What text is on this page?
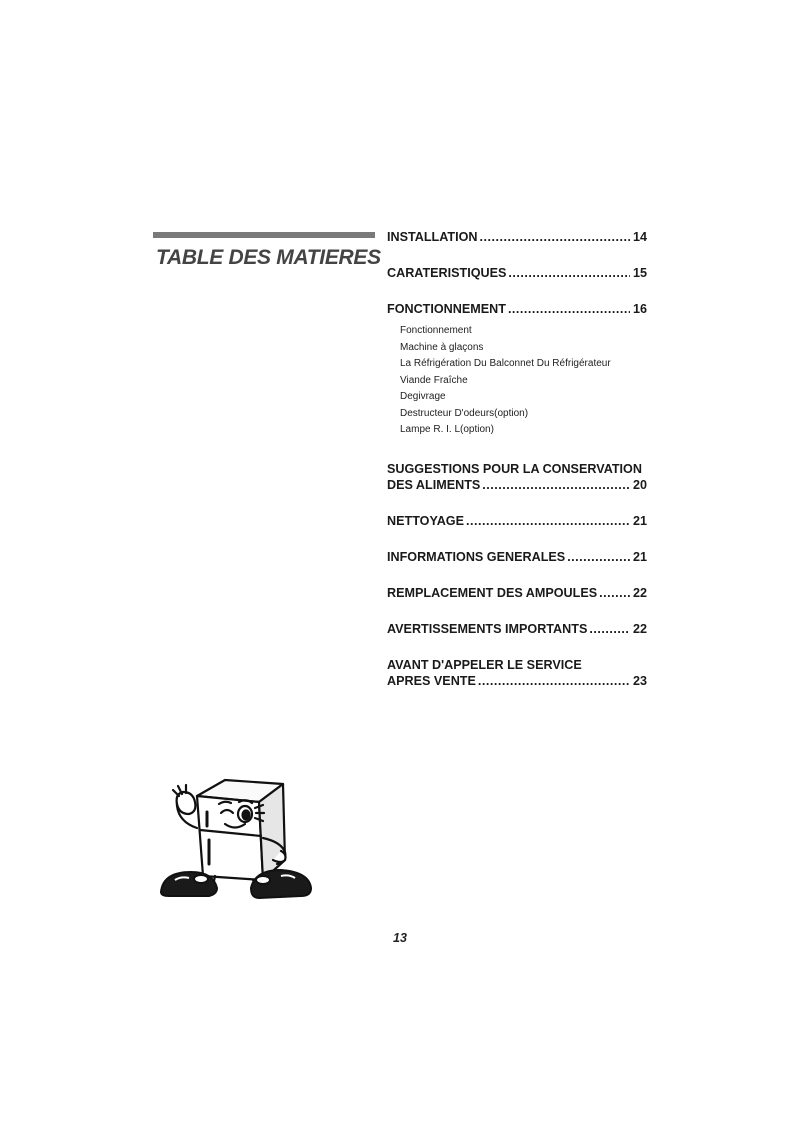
TABLE DES MATIERES
INSTALLATION .....	14
CARATERISTIQUES .....	15
FONCTIONNEMENT .....	16
Fonctionnement
Machine à glaçons
La Réfrigération Du Balconnet Du Réfrigérateur
Viande Fraîche
Degivrage
Destructeur D'odeurs(option)
Lampe R. I. L(option)
SUGGESTIONS POUR LA CONSERVATION
DES ALIMENTS .....	20
NETTOYAGE .....	21
INFORMATIONS GENERALES .....	21
REMPLACEMENT DES AMPOULES .....	22
AVERTISSEMENTS IMPORTANTS .....	22
AVANT D'APPELER LE SERVICE
APRES VENTE .....	23

13
